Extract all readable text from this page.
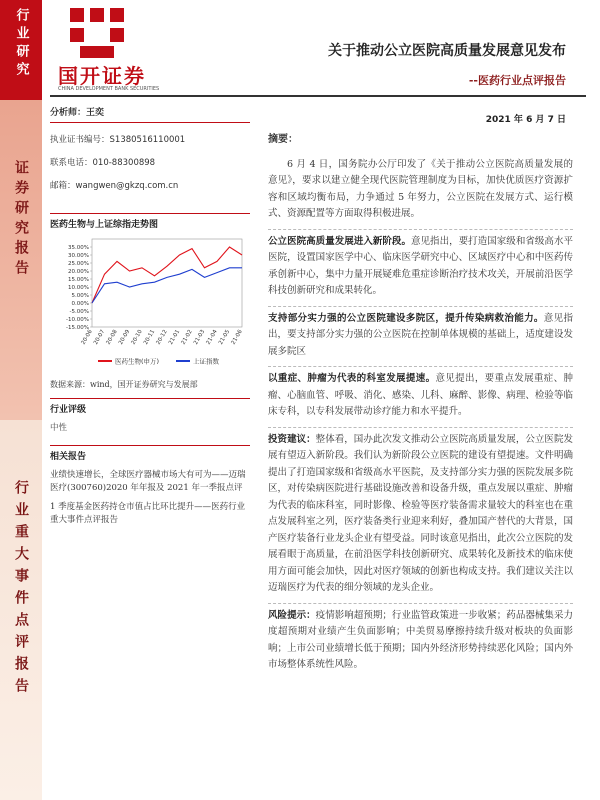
行业研究
证券研究报告
行业重大事件点评报告
国开证券
CHINA DEVELOPMENT BANK SECURITIES
关于推动公立医院高质量发展意见发布
--医药行业点评报告
2021 年 6 月 7 日
分析师：王奕
执业证书编号：S1380516110001
联系电话：010-88300898
邮箱：wangwen@gkzq.com.cn
医药生物与上证综指走势图
35.00%
30.00%
25.00%
20.00%
15.00%
10.00%
5.00%
0.00%
-5.00%
-10.00%
-15.00%
20-06 20-07 20-08 20-09 20-10 20-11 20-12 21-01 21-02 21-03 21-04 21-05 21-06
医药生物(申万)	上证指数
数据来源：wind，国开证券研究与发展部
行业评级
中性
相关报告
业绩快速增长，全球医疗器械市场大有可为——迈瑞医疗(300760)2020 年年报及 2021 年一季报点评
1 季度基金医药持仓市值占比环比提升——医药行业重大事件点评报告
摘要：
6 月 4 日，国务院办公厅印发了《关于推动公立医院高质量发展的意见》，要求以建立健全现代医院管理制度为目标，加快优质医疗资源扩容和区域均衡布局，力争通过 5 年努力，公立医院在发展方式、运行模式、资源配置等方面取得积极进展。
公立医院高质量发展进入新阶段。意见指出，要打造国家级和省级高水平医院，设置国家医学中心、临床医学研究中心、区域医疗中心和中医药传承创新中心，集中力量开展疑难危重症诊断治疗技术攻关，开展前沿医学科技创新研究和成果转化。
支持部分实力强的公立医院建设多院区，提升传染病救治能力。意见指出，要支持部分实力强的公立医院在控制单体规模的基础上，适度建设发展多院区
以重症、肿瘤为代表的科室发展提速。意见提出，要重点发展重症、肿瘤、心脑血管、呼吸、消化、感染、儿科、麻醉、影像、病理、检验等临床专科，以专科发展带动诊疗能力和水平提升。
投资建议：整体看，国办此次发文推动公立医院高质量发展，公立医院发展有望迈入新阶段。我们认为新阶段公立医院的建设有望提速。文件明确提出了打造国家级和省级高水平医院，及支持部分实力强的医院发展多院区，对传染病医院进行基础设施改善和设备升级，重点发展以重症、肿瘤为代表的临床科室，同时影像、检验等医疗装备需求量较大的科室也在重点发展科室之列，医疗装备类行业迎来利好，叠加国产替代的大背景，国产医疗装备行业龙头企业有望受益。同时该意见指出，此次公立医院的发展看眼于高质量，在前沿医学科技创新研究、成果转化及新技术的临床使用方面可能会加快，因此对医疗领域的创新也构成支持。我们建议关注以迈瑞医疗为代表的细分领域的龙头企业。
风险提示：疫情影响超预期；行业监管政策进一步收紧；药品器械集采力度超预期对业绩产生负面影响；中美贸易摩擦持续升级对板块的负面影响；上市公司业绩增长低于预期；国内外经济形势持续恶化风险；国内外市场整体系统性风险。
